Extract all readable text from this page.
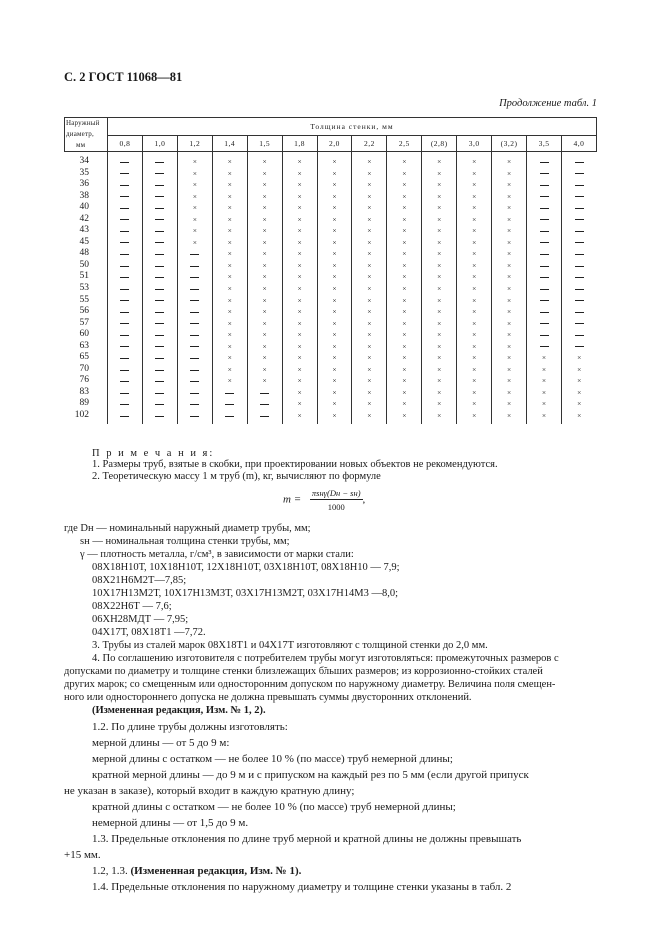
С. 2 ГОСТ 11068—81
Продолжение табл. 1
Наружный
диаметр,
мм	Толщина стенки, мм													
	0,8	1,0	1,2	1,4	1,5	1,8	2,0	2,2	2,5	(2,8)	3,0	(3,2)	3,5	4,0
34			×	×	×	×	×	×	×	×	×	×		
35			×	×	×	×	×	×	×	×	×	×		
36			×	×	×	×	×	×	×	×	×	×		
38			×	×	×	×	×	×	×	×	×	×		
40			×	×	×	×	×	×	×	×	×	×		
42			×	×	×	×	×	×	×	×	×	×		
43			×	×	×	×	×	×	×	×	×	×		
45			×	×	×	×	×	×	×	×	×	×		
48				×	×	×	×	×	×	×	×	×		
50				×	×	×	×	×	×	×	×	×		
51				×	×	×	×	×	×	×	×	×		
53				×	×	×	×	×	×	×	×	×		
55				×	×	×	×	×	×	×	×	×		
56				×	×	×	×	×	×	×	×	×		
57				×	×	×	×	×	×	×	×	×		
60				×	×	×	×	×	×	×	×	×		
63				×	×	×	×	×	×	×	×	×		
65				×	×	×	×	×	×	×	×	×	×	×
70				×	×	×	×	×	×	×	×	×	×	×
76				×	×	×	×	×	×	×	×	×	×	×
83						×	×	×	×	×	×	×	×	×
89						×	×	×	×	×	×	×	×	×
102						×	×	×	×	×	×	×	×	×
П р и м е ч а н и я:
1. Размеры труб, взятые в скобки, при проектировании новых объектов не рекомендуются.
2. Теоретическую массу 1 м труб (m), кг, вычисляют по формуле
$m = \frac{\text{πsнγ(Dн − sн)}}{1000}$ ,
где Dн — номинальный наружный диаметр трубы, мм;
sн — номинальная толщина стенки трубы, мм;
γ — плотность металла, г/см³, в зависимости от марки стали:
08Х18Н10Т, 10Х18Н10Т, 12Х18Н10Т, 03Х18Н10Т, 08Х18Н10 — 7,9;
08Х21Н6М2Т—7,85;
10Х17Н13М2Т, 10Х17Н13М3Т, 03Х17Н13М2Т, 03Х17Н14М3 —8,0;
08Х22Н6Т — 7,6;
06ХН28МДТ — 7,95;
04Х17Т, 08Х18Т1 —7,72.
3. Трубы из сталей марок 08Х18Т1 и 04Х17Т изготовляют с толщиной стенки до 2,0 мм.
4. По соглашению изготовителя с потребителем трубы могут изготовляться: промежуточных размеров с
допусками по диаметру и толщине стенки близлежащих б̃льших размеров; из коррозионно-стойких сталей
других марок; со смещенным или односторонним допуском по наружному диаметру. Величина поля смещен-
ного или одностороннего допуска не должна превышать суммы двусторонних отклонений.
(Измененная редакция, Изм. № 1, 2).
1.2. По длине трубы должны изготовлять:
мерной длины — от 5 до 9 м:
мерной длины с остатком — не более 10 % (по массе) труб немерной длины;
кратной мерной длины — до 9 м и с припуском на каждый рез по 5 мм (если другой припуск
не указан в заказе), который входит в каждую кратную длину;
кратной длины с остатком — не более 10 % (по массе) труб немерной длины;
немерной длины — от 1,5 до 9 м.
1.3. Предельные отклонения по длине труб мерной и кратной длины не должны превышать
+15 мм.
1.2, 1.3. (Измененная редакция, Изм. № 1).
1.4. Предельные отклонения по наружному диаметру и толщине стенки указаны в табл. 2
